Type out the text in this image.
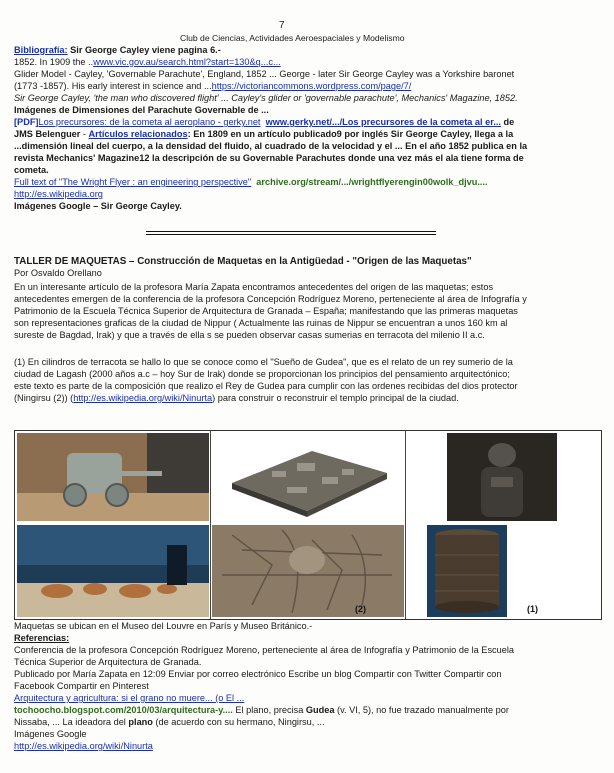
7
Club de Ciencias, Actividades Aeroespaciales y Modelismo
Bibliografía: Sir George Cayley viene pagina 6.-
1852. In 1909 the ..www.vic.gov.au/search.html?start=130&q...c...
Glider Model - Cayley, 'Governable Parachute', England, 1852 ... George - later Sir George Cayley was a Yorkshire baronet
(1773 -1857). His early interest in science and ...https://victoriancommons.wordpress.com/page/7/
Sir George Cayley, 'the man who discovered flight' ... Cayley's glider or 'governable parachute', Mechanics' Magazine, 1852.
Imágenes de Dimensiones del Parachute Governable de ...
[PDF]Los precursores: de la cometa al aeroplano - gerky.net www.gerky.net/.../Los precursores de la cometa al er... de
JMS Belenguer - Artículos relacionados: En 1809 en un artículo publicado9 por inglés Sir George Cayley, llega a la
...dimensión lineal del cuerpo, a la densidad del fluido, al cuadrado de la velocidad y el ... En el año 1852 publica en la
revista Mechanics' Magazine12 la descripción de su Governable Parachutes donde una vez más el ala tiene forma de
cometa.
Full text of "The Wright Flyer : an engineering perspective" archive.org/stream/.../wrightflyerengin00wolk_djvu....
http://es.wikipedia.org
Imágenes Google – Sir George Cayley.
TALLER DE MAQUETAS – Construcción de Maquetas en la Antigüedad - "Origen de las Maquetas"
Por Osvaldo Orellano
En un interesante artículo de la profesora María Zapata encontramos antecedentes del origen de las maquetas; estos
antecedentes emergen de la conferencia de la profesora Concepción Rodríguez Moreno, perteneciente al área de Infografía y
Patrimonio de la Escuela Técnica Superior de Arquitectura de Granada – España; manifestando que las primeras maquetas
son representaciones graficas de la ciudad de Nippur ( Actualmente las ruinas de Nippur se encuentran a unos 160 km al
sureste de Bagdad, Irak) y que a través de ella s se pueden observar casas sumerias en terracota del milenio II a.c.
(1) En cilindros de terracota se hallo lo que se conoce como el "Sueño de Gudea", que es el relato de un rey sumerio de la
ciudad de Lagash (2000 años a.c – hoy Sur de Irak) donde se proporcionan los principios del pensamiento arquitectónico;
este texto es parte de la composición que realizo el Rey de Gudea para cumplir con las ordenes recibidas del dios protector
(Ningirsu (2)) (http://es.wikipedia.org/wiki/Ninurta) para construir o reconstruir el templo principal de la ciudad.
(2)	(1)
Maquetas se ubican en el Museo del Louvre en París y Museo Británico.-
Referencias:
Conferencia de la profesora Concepción Rodríguez Moreno, perteneciente al área de Infografía y Patrimonio de la Escuela
Técnica Superior de Arquitectura de Granada.
Publicado por María Zapata en 12:09 Enviar por correo electrónico Escribe un blog Compartir con Twitter Compartir con
Facebook Compartir en Pinterest
Arquitectura y agricultura: si el grano no muere... (o El ...
tochoocho.blogspot.com/2010/03/arquitectura-y.... El plano, precisa Gudea (v. VI, 5), no fue trazado manualmente por
Nissaba, ... La ideadora del plano (de acuerdo con su hermano, Ningirsu, ...
Imágenes Google
http://es.wikipedia.org/wiki/Ninurta
